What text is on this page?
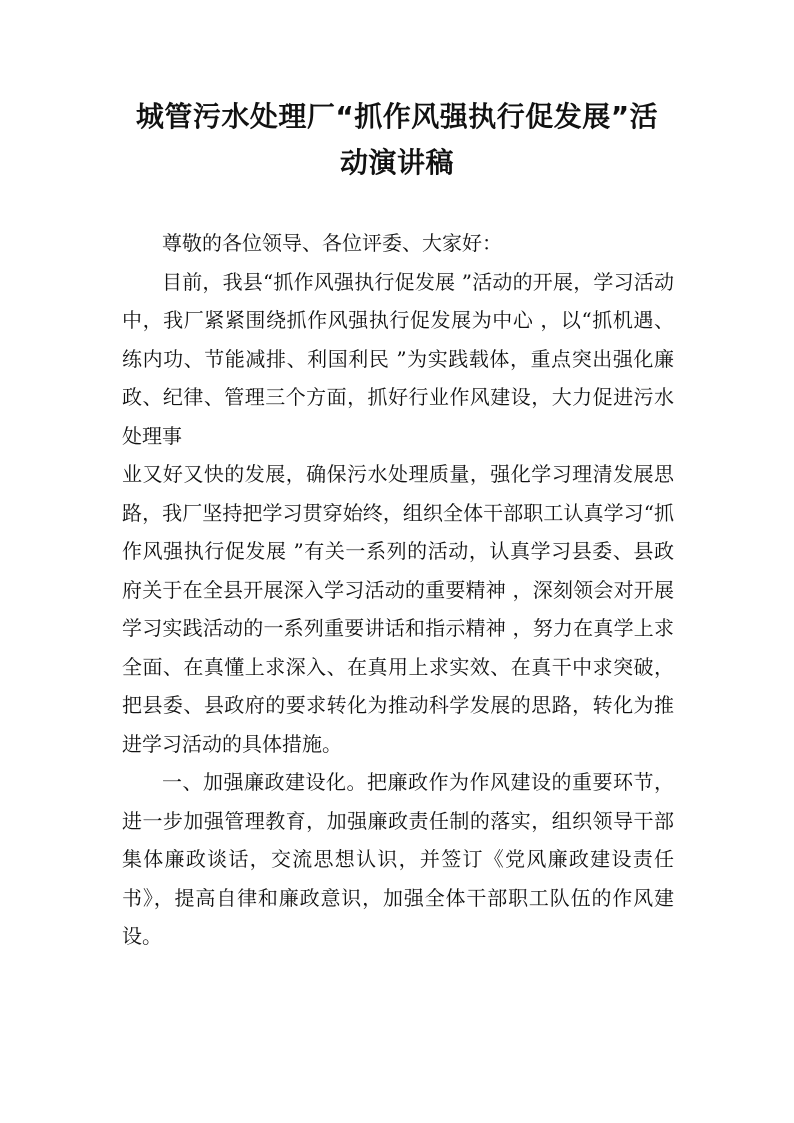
城管污水处理厂“抓作风强执行促发展”活
动演讲稿

尊敬的各位领导、各位评委、大家好：

目前，我县“抓作风强执行促发展 ”活动的开展，学习活动中，我厂紧紧围绕抓作风强执行促发展为中心 ，以“抓机遇、练内功、节能减排、利国利民 ”为实践载体，重点突出强化廉政、纪律、管理三个方面，抓好行业作风建设，大力促进污水处理事

业又好又快的发展，确保污水处理质量，强化学习理清发展思路，我厂坚持把学习贯穿始终，组织全体干部职工认真学习“抓作风强执行促发展 ”有关一系列的活动，认真学习县委、县政府关于在全县开展深入学习活动的重要精神 ，深刻领会对开展学习实践活动的一系列重要讲话和指示精神 ，努力在真学上求全面、在真懂上求深入、在真用上求实效、在真干中求突破，把县委、县政府的要求转化为推动科学发展的思路，转化为推进学习活动的具体措施。

一、加强廉政建设化。把廉政作为作风建设的重要环节，进一步加强管理教育，加强廉政责任制的落实，组织领导干部集体廉政谈话，交流思想认识，并签订《党风廉政建设责任书》，提高自律和廉政意识，加强全体干部职工队伍的作风建设。
